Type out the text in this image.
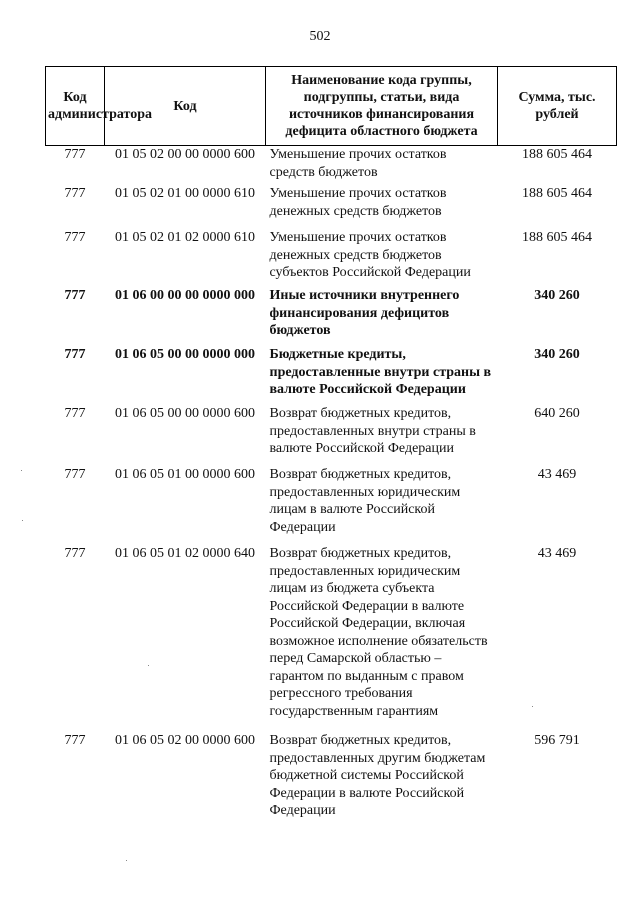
502
Код администратора	Код	Наименование кода группы, подгруппы, статьи, вида источников финансирования дефицита областного бюджета	Сумма, тыс. рублей
777	01 05 02 00 00 0000 600	Уменьшение прочих остатков средств бюджетов	188 605 464
777	01 05 02 01 00 0000 610	Уменьшение прочих остатков денежных средств бюджетов	188 605 464
777	01 05 02 01 02 0000 610	Уменьшение прочих остатков денежных средств бюджетов субъектов Российской Федерации	188 605 464
777	01 06 00 00 00 0000 000	Иные источники внутреннего финансирования дефицитов бюджетов	340 260
777	01 06 05 00 00 0000 000	Бюджетные кредиты, предоставленные внутри страны в валюте Российской Федерации	340 260
777	01 06 05 00 00 0000 600	Возврат бюджетных кредитов, предоставленных внутри страны в валюте Российской Федерации	640 260
777	01 06 05 01 00 0000 600	Возврат бюджетных кредитов, предоставленных юридическим лицам в валюте Российской Федерации	43 469
777	01 06 05 01 02 0000 640	Возврат бюджетных кредитов, предоставленных юридическим лицам из бюджета субъекта Российской Федерации в валюте Российской Федерации, включая возможное исполнение обязательств перед Самарской областью – гарантом по выданным с правом регрессного требования государственным гарантиям	43 469
777	01 06 05 02 00 0000 600	Возврат бюджетных кредитов, предоставленных другим бюджетам бюджетной системы Российской Федерации в валюте Российской Федерации	596 791
